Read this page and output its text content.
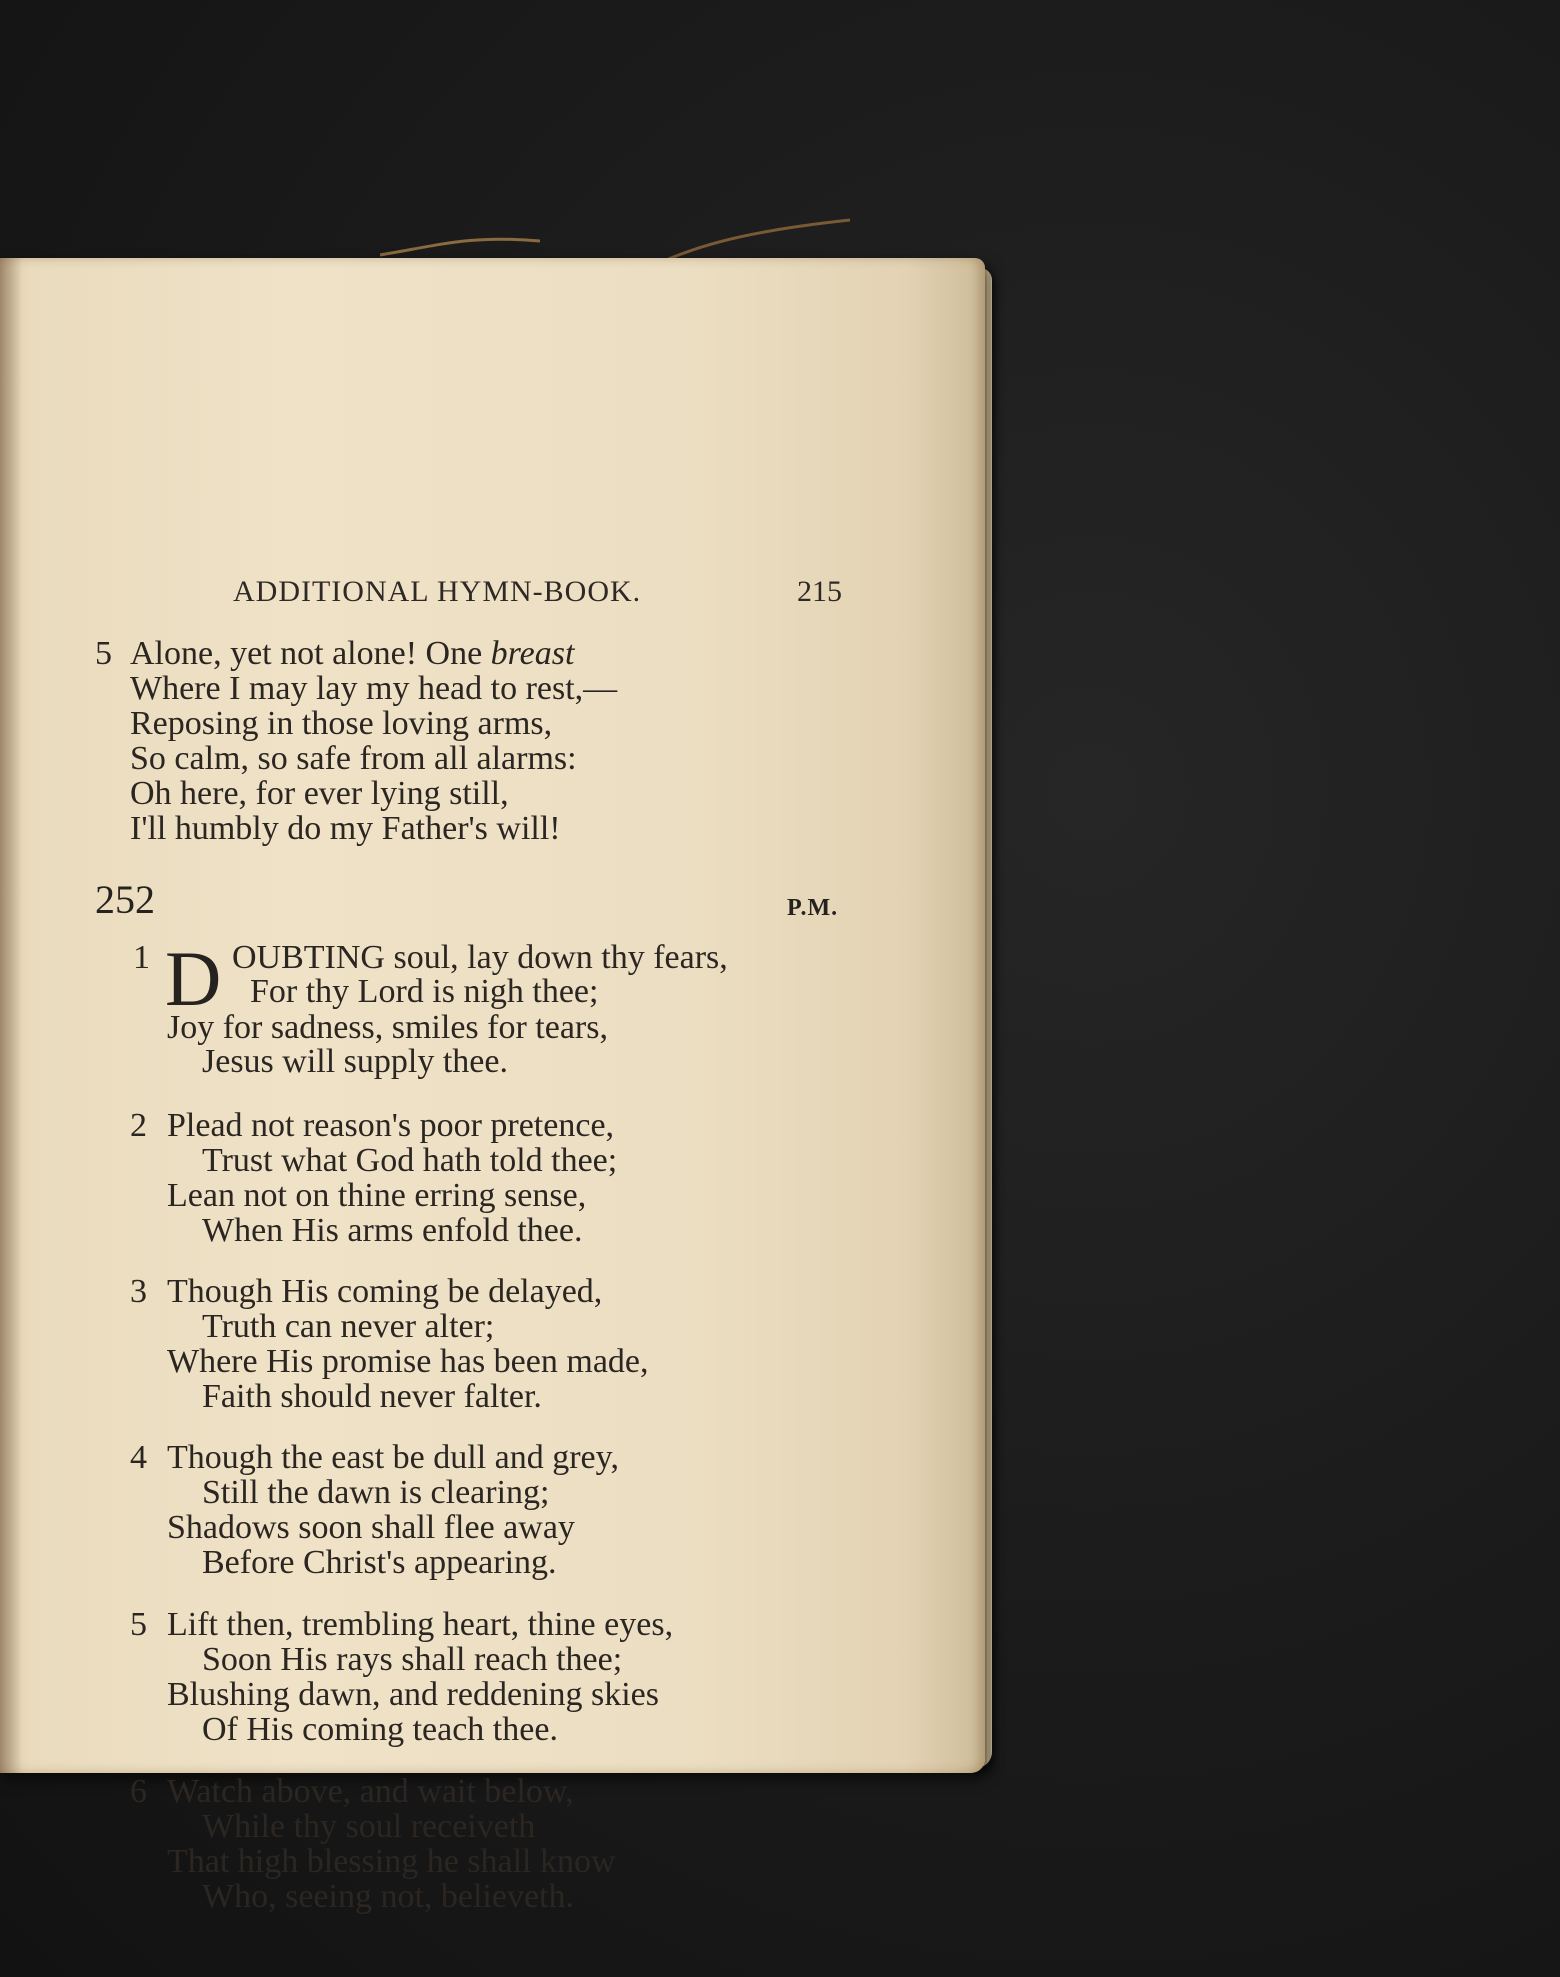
ADDITIONAL HYMN-BOOK.	215
5 Alone, yet not alone! One breast
Where I may lay my head to rest,—
Reposing in those loving arms,
So calm, so safe from all alarms:
Oh here, for ever lying still,
I'll humbly do my Father's will!
252	P.M.
1 D OUBTING soul, lay down thy fears,
For thy Lord is nigh thee;
Joy for sadness, smiles for tears,
Jesus will supply thee.
2 Plead not reason's poor pretence,
Trust what God hath told thee;
Lean not on thine erring sense,
When His arms enfold thee.
3 Though His coming be delayed,
Truth can never alter;
Where His promise has been made,
Faith should never falter.
4 Though the east be dull and grey,
Still the dawn is clearing;
Shadows soon shall flee away
Before Christ's appearing.
5 Lift then, trembling heart, thine eyes,
Soon His rays shall reach thee;
Blushing dawn, and reddening skies
Of His coming teach thee.
6 Watch above, and wait below,
While thy soul receiveth
That high blessing he shall know
Who, seeing not, believeth.
